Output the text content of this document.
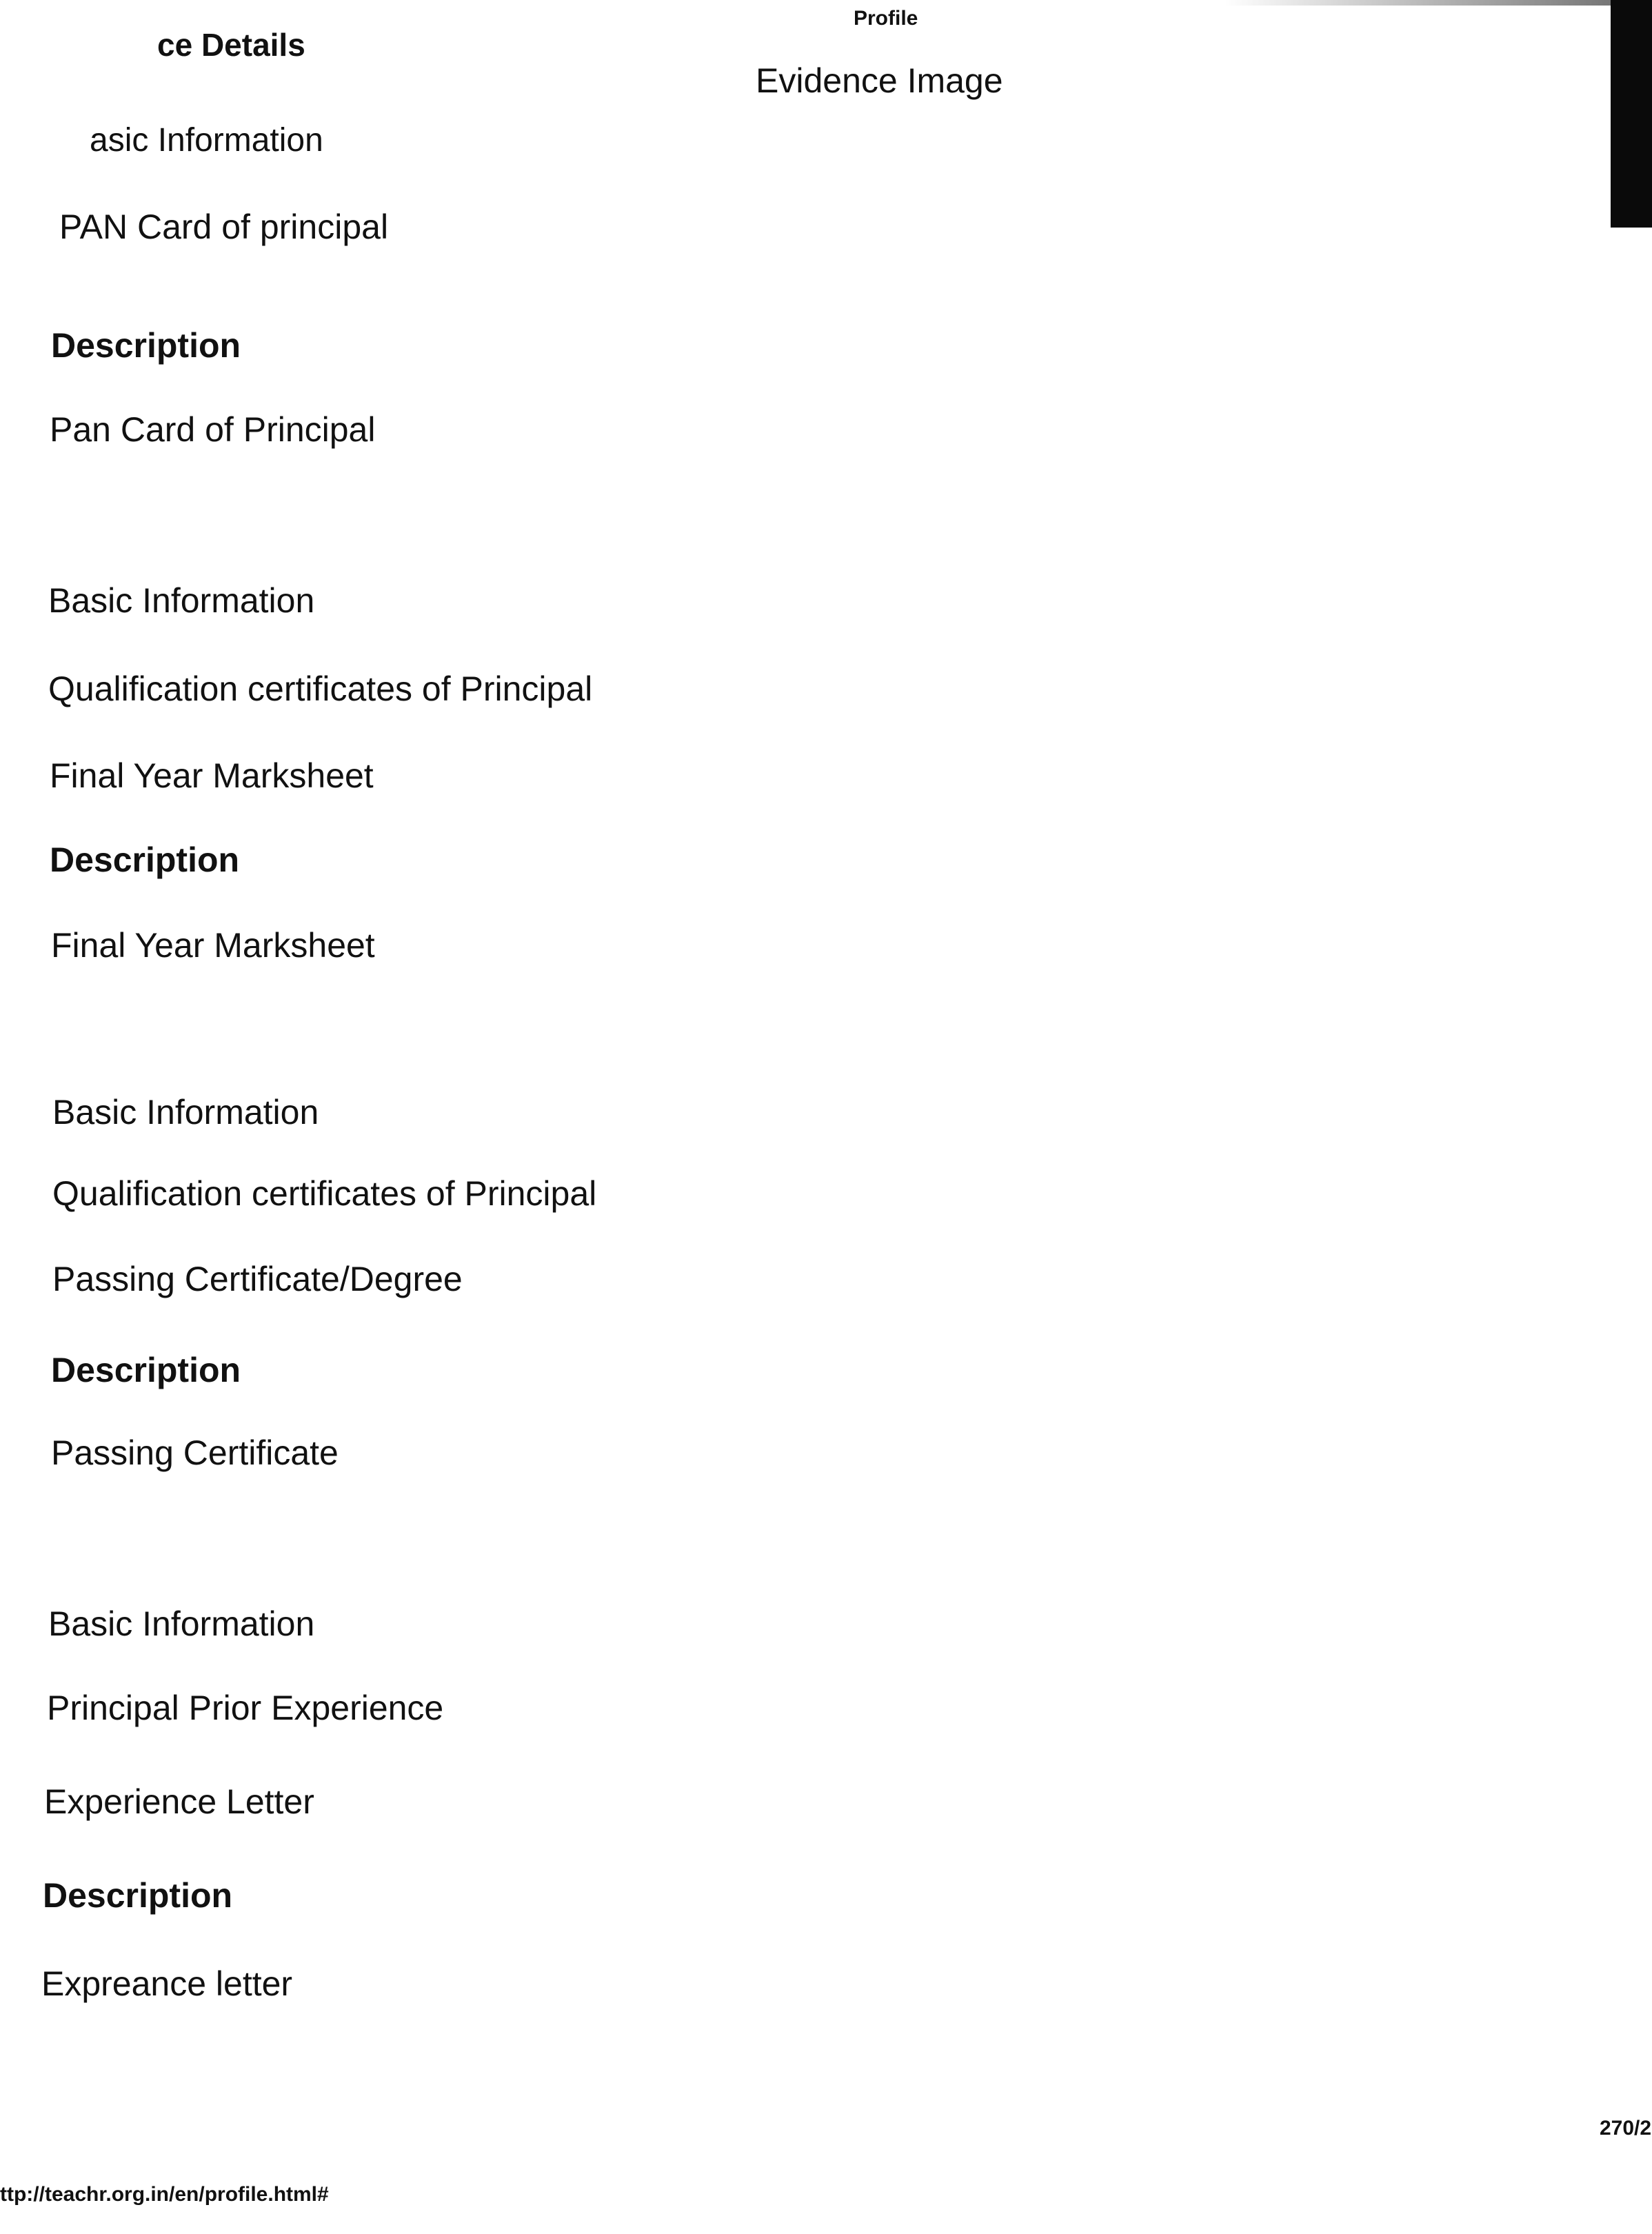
Profile

ce Details

Evidence Image

asic Information

PAN Card of principal

Description

Pan Card of Principal

Basic Information

Qualification certificates of Principal

Final Year Marksheet

Description

Final Year Marksheet

Basic Information

Qualification certificates of Principal

Passing Certificate/Degree

Description

Passing Certificate

Basic Information

Principal Prior Experience

Experience Letter

Description

Expreance letter

270/2

ttp://teachr.org.in/en/profile.html#
